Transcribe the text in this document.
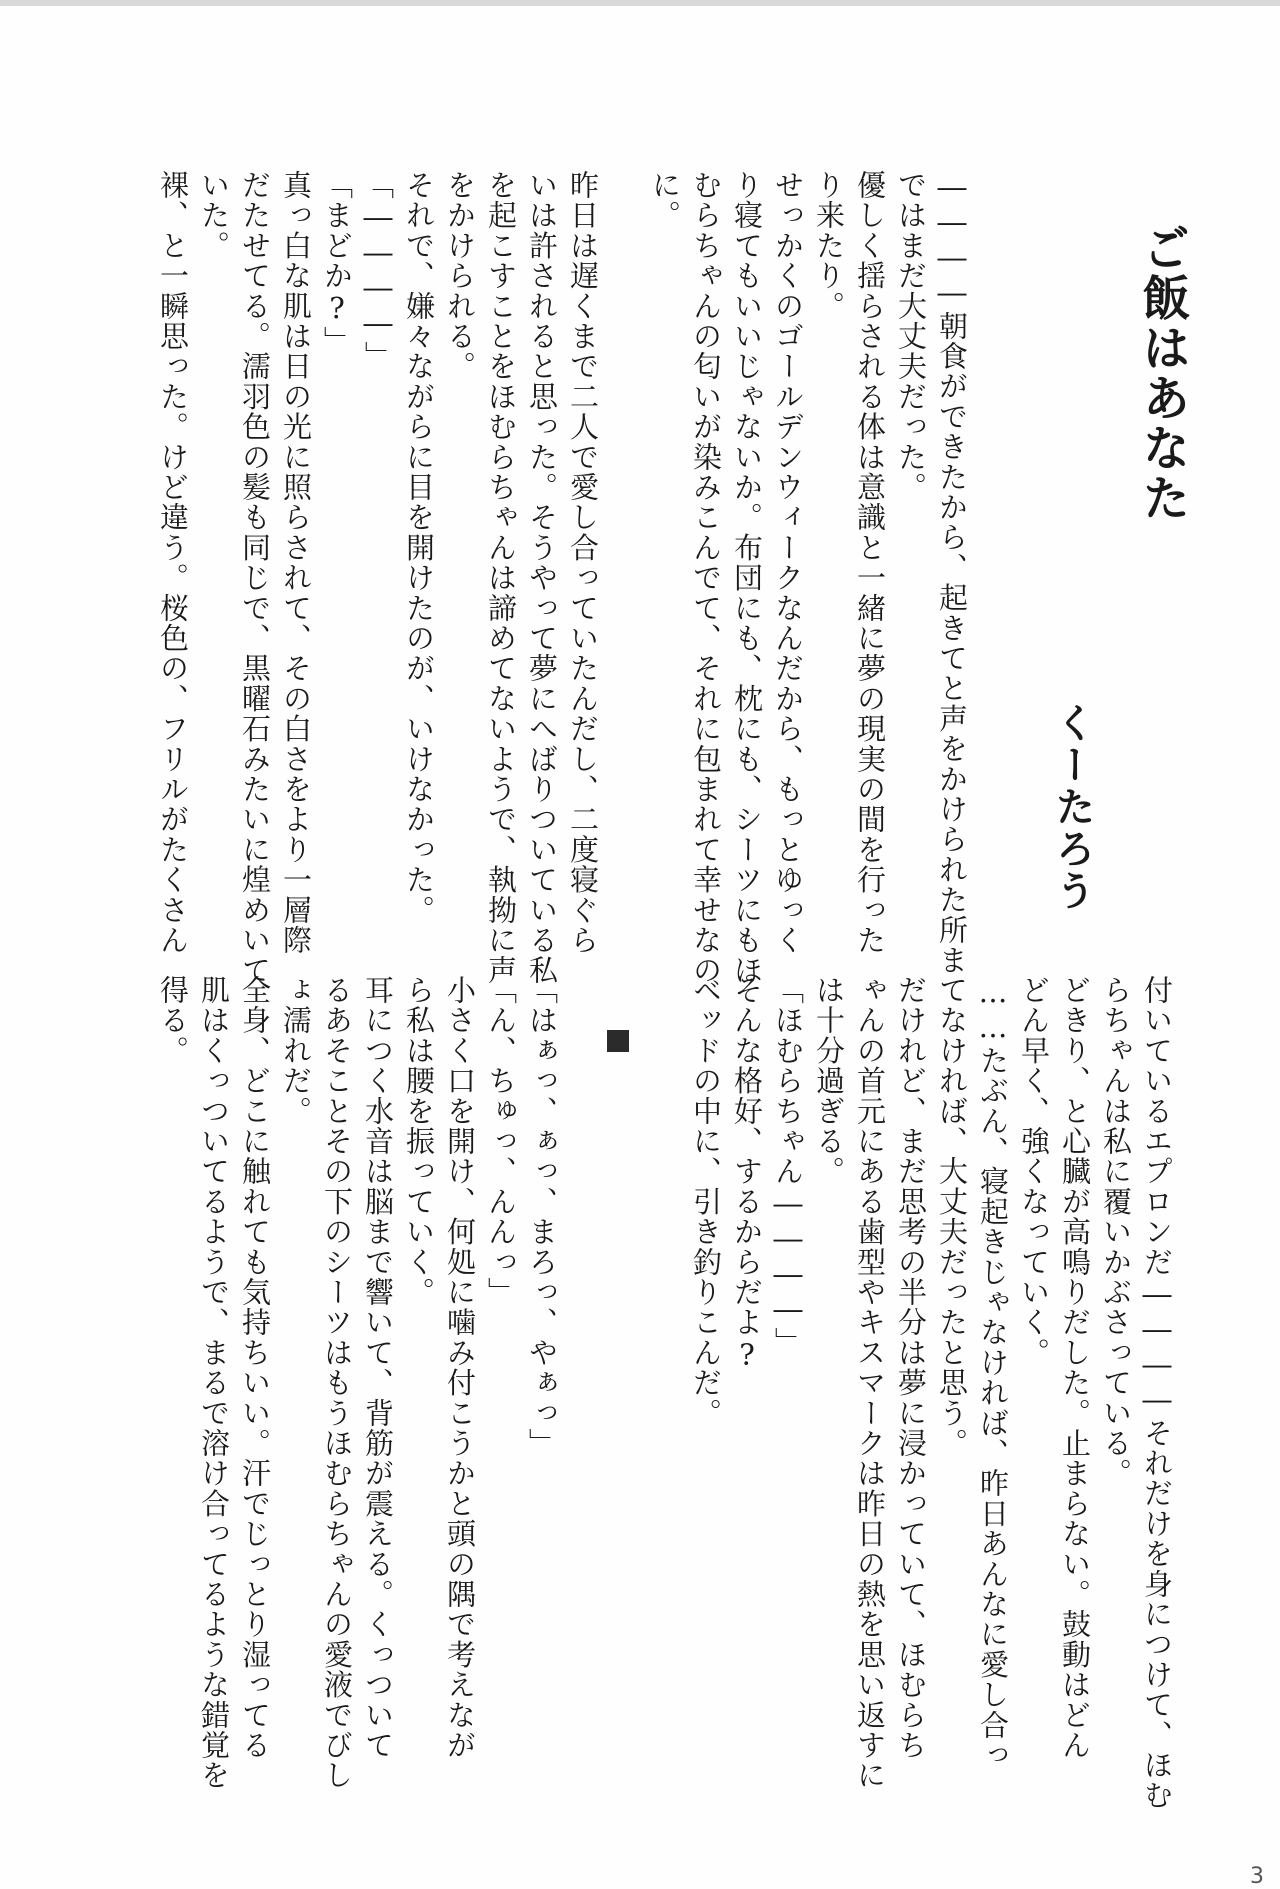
ご飯はあなた
くーたろう
――――朝食ができたから、起きてと声をかけられた所ま
ではまだ大丈夫だった。
優しく揺らされる体は意識と一緒に夢の現実の間を行った
り来たり。
せっかくのゴールデンウィークなんだから、もっとゆっく
り寝てもいいじゃないか。布団にも、枕にも、シーツにもほ
むらちゃんの匂いが染みこんでて、それに包まれて幸せなの
に。
昨日は遅くまで二人で愛し合っていたんだし、二度寝ぐら
いは許されると思った。そうやって夢にへばりついている私
を起こすことをほむらちゃんは諦めてないようで、執拗に声
をかけられる。
それで、嫌々ながらに目を開けたのが、いけなかった。
「――――」
「まどか?」
真っ白な肌は日の光に照らされて、その白さをより一層際
だたせてる。濡羽色の髪も同じで、黒曜石みたいに煌めいて
いた。
裸、と一瞬思った。けど違う。桜色の、フリルがたくさん
付いているエプロンだ――――それだけを身につけて、ほむ
らちゃんは私に覆いかぶさっている。
どきり、と心臓が高鳴りだした。止まらない。鼓動はどん
どん早く、強くなっていく。
……たぶん、寝起きじゃなければ、昨日あんなに愛し合っ
てなければ、大丈夫だったと思う。
だけれど、まだ思考の半分は夢に浸かっていて、ほむらち
ゃんの首元にある歯型やキスマークは昨日の熱を思い返すに
は十分過ぎる。
「ほむらちゃん――――」
そんな格好、するからだよ?
ベッドの中に、引き釣りこんだ。
「はぁっ、ぁっ、まろっ、やぁっ」
「ん、ちゅっ、んんっ」
小さく口を開け、何処に噛み付こうかと頭の隅で考えなが
ら私は腰を振っていく。
耳につく水音は脳まで響いて、背筋が震える。くっついて
るあそことその下のシーツはもうほむらちゃんの愛液でびし
ょ濡れだ。
全身、どこに触れても気持ちいい。汗でじっとり湿ってる
肌はくっついてるようで、まるで溶け合ってるような錯覚を
得る。
3
